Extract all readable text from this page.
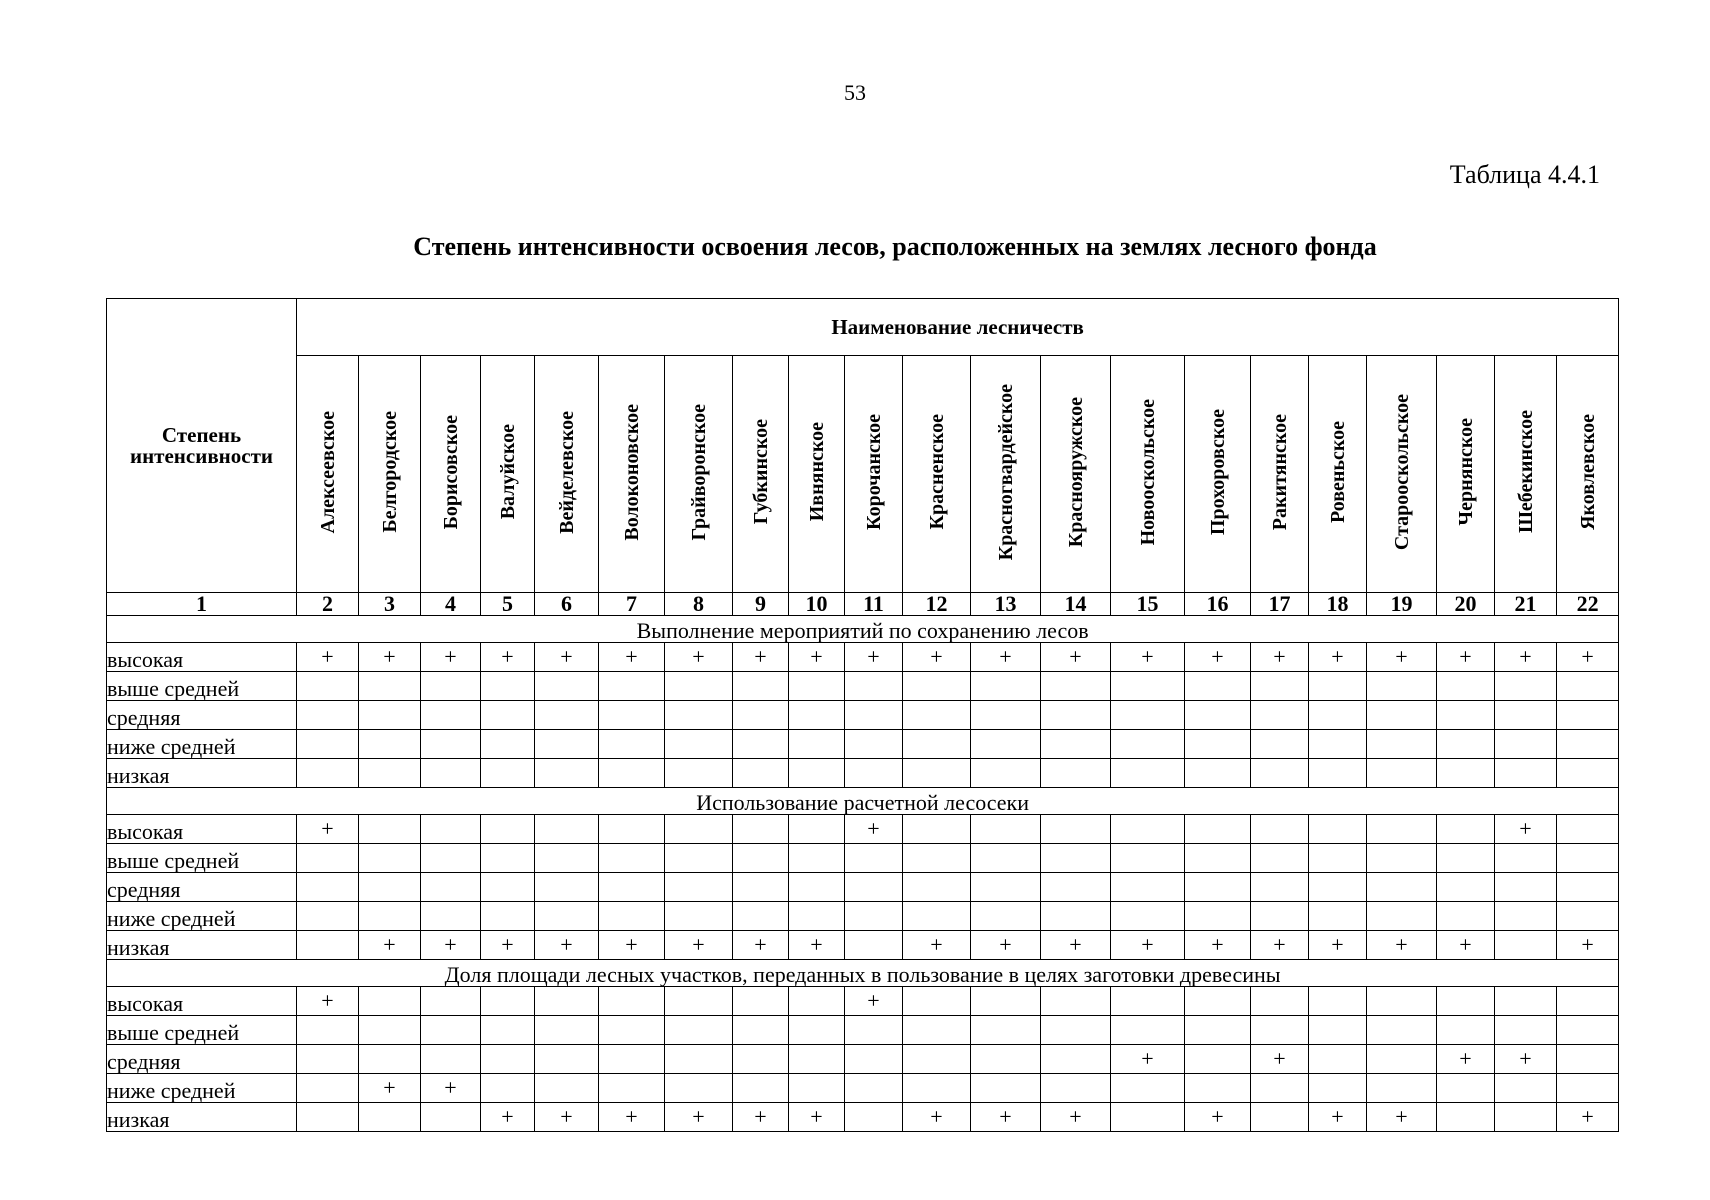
53
Таблица 4.4.1
Степень интенсивности освоения лесов, расположенных на землях лесного фонда
Степень интенсивности	Наименование лесничеств																				
	Алексеевское	Белгородское	Борисовское	Валуйское	Вейделевское	Волоконовское	Грайворонское	Губкинское	Ивнянское	Корочанское	Красненское	Красногвардейское	Краснояружское	Новооскольское	Прохоровское	Ракитянское	Ровеньское	Старооскольское	Чернянское	Шебекинское	Яковлевское
1	2	3	4	5	6	7	8	9	10	11	12	13	14	15	16	17	18	19	20	21	22
Выполнение мероприятий по сохранению лесов																					
высокая	+	+	+	+	+	+	+	+	+	+	+	+	+	+	+	+	+	+	+	+	+
выше средней																					
средняя																					
ниже средней																					
низкая																					
Использование расчетной лесосеки																					
высокая	+									+										+	
выше средней																					
средняя																					
ниже средней																					
низкая		+	+	+	+	+	+	+	+		+	+	+	+	+	+	+	+	+		+
Доля площади лесных участков, переданных в пользование в целях заготовки древесины																					
высокая	+									+											
выше средней																					
средняя														+		+			+	+	
ниже средней		+	+																		
низкая				+	+	+	+	+	+		+	+	+		+		+	+			+
